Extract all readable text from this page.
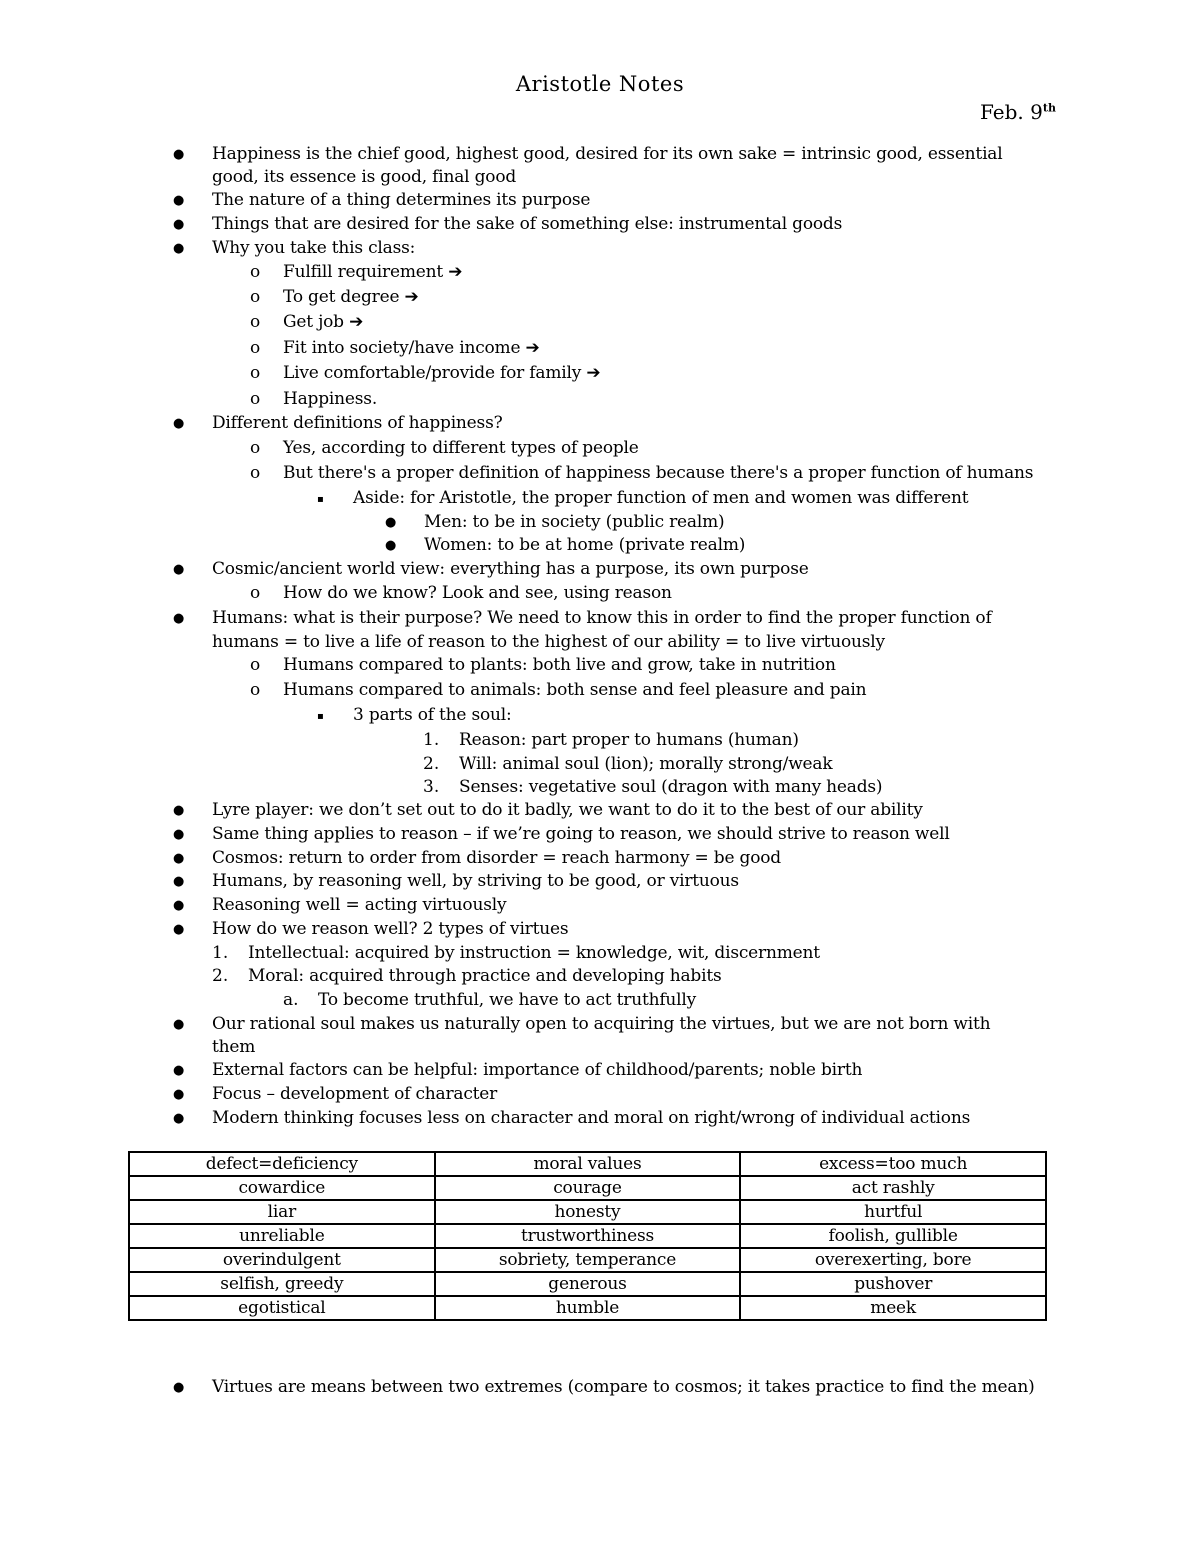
Aristotle Notes
Feb. 9th
● Happiness is the chief good, highest good, desired for its own sake = intrinsic good, essential
good, its essence is good, final good
● The nature of a thing determines its purpose
● Things that are desired for the sake of something else: instrumental goods
● Why you take this class:
o Fulfill requirement ➔
o To get degree ➔
o Get job ➔
o Fit into society/have income ➔
o Live comfortable/provide for family ➔
o Happiness.
● Different definitions of happiness?
o Yes, according to different types of people
o But there's a proper definition of happiness because there's a proper function of humans
▪ Aside: for Aristotle, the proper function of men and women was different
● Men: to be in society (public realm)
● Women: to be at home (private realm)
● Cosmic/ancient world view: everything has a purpose, its own purpose
o How do we know? Look and see, using reason
● Humans: what is their purpose? We need to know this in order to find the proper function of
humans = to live a life of reason to the highest of our ability = to live virtuously
o Humans compared to plants: both live and grow, take in nutrition
o Humans compared to animals: both sense and feel pleasure and pain
▪ 3 parts of the soul:
1. Reason: part proper to humans (human)
2. Will: animal soul (lion); morally strong/weak
3. Senses: vegetative soul (dragon with many heads)
● Lyre player: we don’t set out to do it badly, we want to do it to the best of our ability
● Same thing applies to reason – if we’re going to reason, we should strive to reason well
● Cosmos: return to order from disorder = reach harmony = be good
● Humans, by reasoning well, by striving to be good, or virtuous
● Reasoning well = acting virtuously
● How do we reason well? 2 types of virtues
1. Intellectual: acquired by instruction = knowledge, wit, discernment
2. Moral: acquired through practice and developing habits
a. To become truthful, we have to act truthfully
● Our rational soul makes us naturally open to acquiring the virtues, but we are not born with
them
● External factors can be helpful: importance of childhood/parents; noble birth
● Focus – development of character
● Modern thinking focuses less on character and moral on right/wrong of individual actions
defect=deficiency	moral values	excess=too much
cowardice	courage	act rashly
liar	honesty	hurtful
unreliable	trustworthiness	foolish, gullible
overindulgent	sobriety, temperance	overexerting, bore
selfish, greedy	generous	pushover
egotistical	humble	meek
● Virtues are means between two extremes (compare to cosmos; it takes practice to find the mean)
